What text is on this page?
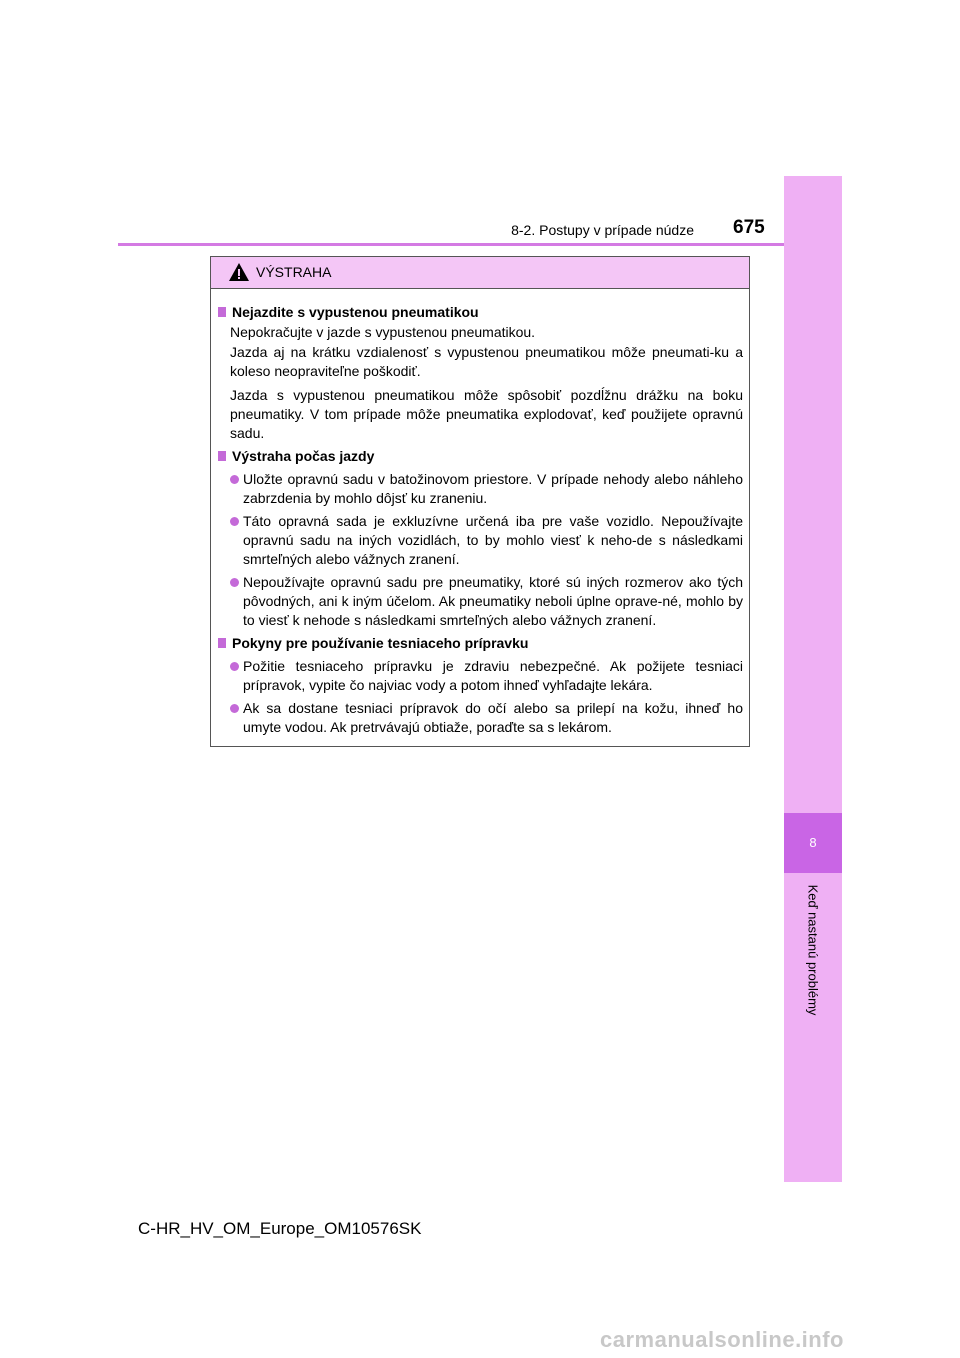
8
Keď nastanú problémy
8-2. Postupy v prípade núdze 675
VÝSTRAHA
Nejazdite s vypustenou pneumatikou
Nepokračujte v jazde s vypustenou pneumatikou.
Jazda aj na krátku vzdialenosť s vypustenou pneumatikou môže pneumati-ku a koleso neopraviteľne poškodiť.
Jazda s vypustenou pneumatikou môže spôsobiť pozdĺžnu drážku na boku pneumatiky. V tom prípade môže pneumatika explodovať, keď použijete opravnú sadu.
Výstraha počas jazdy
Uložte opravnú sadu v batožinovom priestore. V prípade nehody alebo náhleho zabrzdenia by mohlo dôjsť ku zraneniu.
Táto opravná sada je exkluzívne určená iba pre vaše vozidlo. Nepoužívajte opravnú sadu na iných vozidlách, to by mohlo viesť k neho-de s následkami smrteľných alebo vážnych zranení.
Nepoužívajte opravnú sadu pre pneumatiky, ktoré sú iných rozmerov ako tých pôvodných, ani k iným účelom. Ak pneumatiky neboli úplne oprave-né, mohlo by to viesť k nehode s následkami smrteľných alebo vážnych zranení.
Pokyny pre používanie tesniaceho prípravku
Požitie tesniaceho prípravku je zdraviu nebezpečné. Ak požijete tesniaci prípravok, vypite čo najviac vody a potom ihneď vyhľadajte lekára.
Ak sa dostane tesniaci prípravok do očí alebo sa prilepí na kožu, ihneď ho umyte vodou. Ak pretrvávajú obtiaže, poraďte sa s lekárom.
C-HR_HV_OM_Europe_OM10576SK
carmanualsonline.info
